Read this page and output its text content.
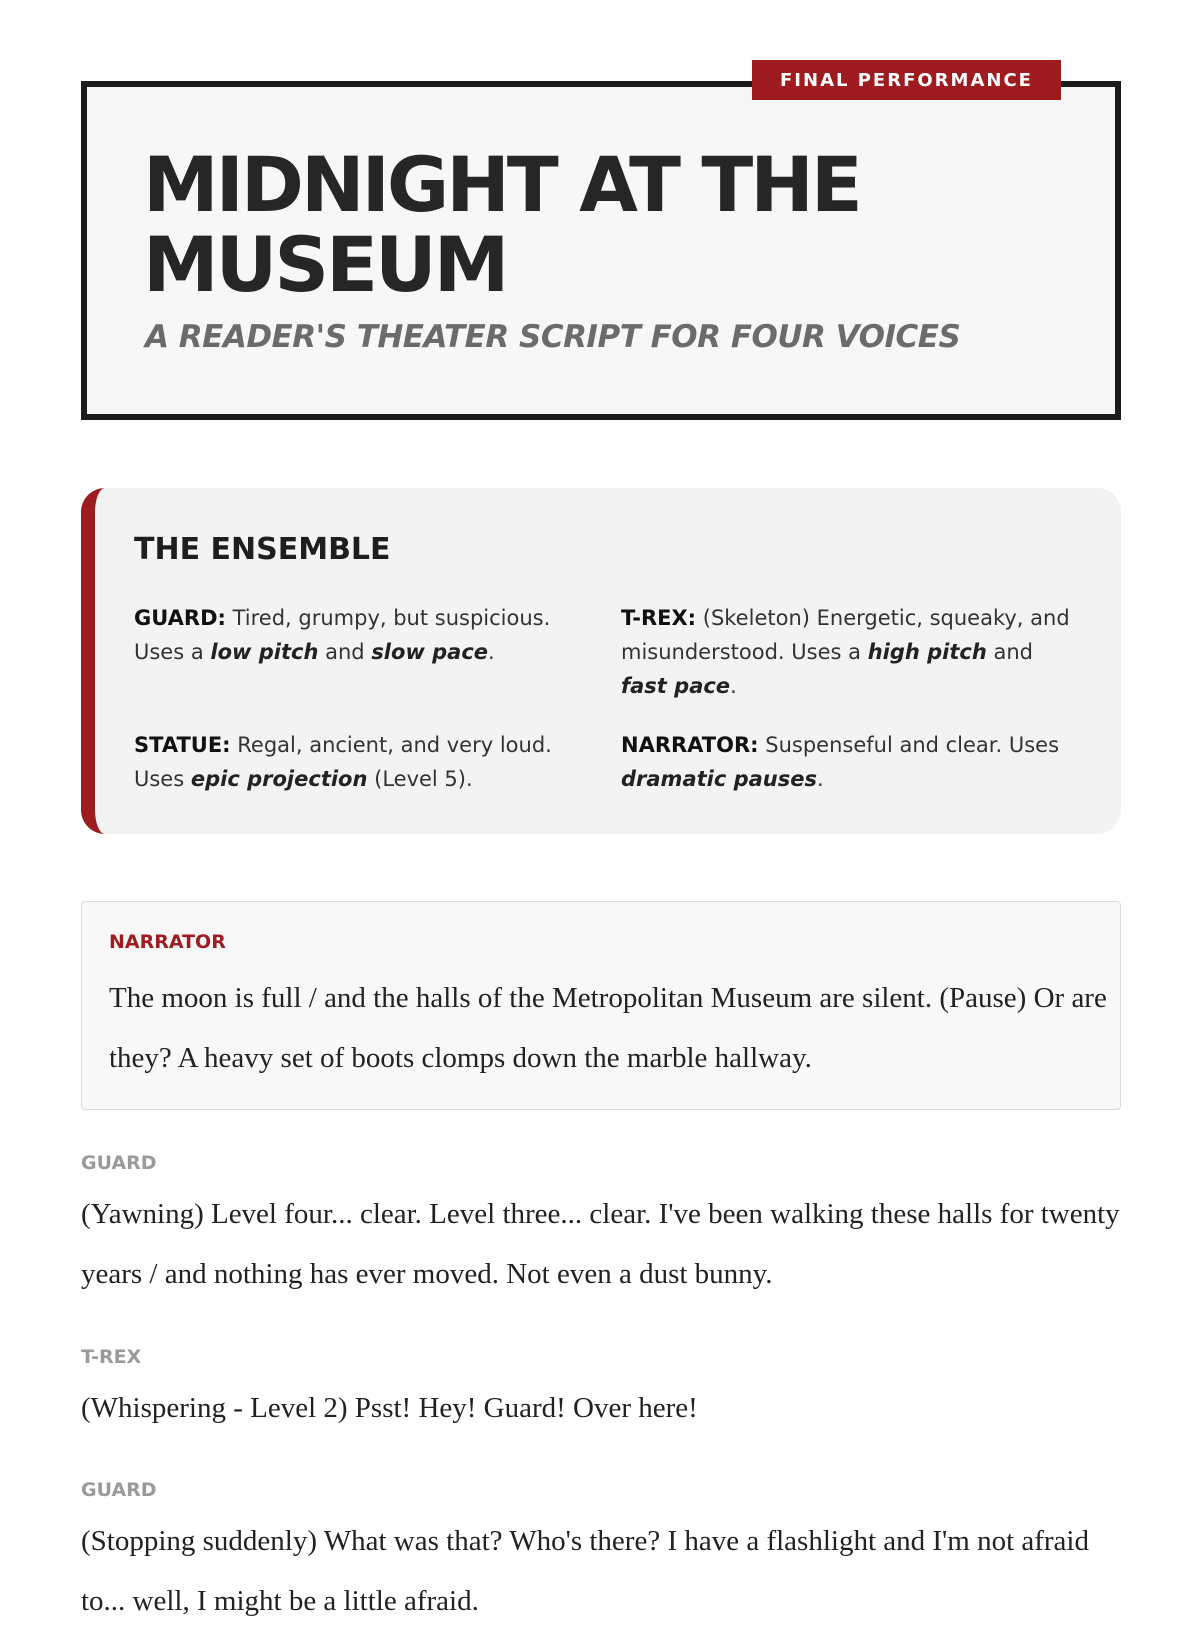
MIDNIGHT AT THE MUSEUM
A READER'S THEATER SCRIPT FOR FOUR VOICES
FINAL PERFORMANCE
THE ENSEMBLE
GUARD: Tired, grumpy, but suspicious. Uses a low pitch and slow pace.
T-REX: (Skeleton) Energetic, squeaky, and misunderstood. Uses a high pitch and fast pace.
STATUE: Regal, ancient, and very loud. Uses epic projection (Level 5).
NARRATOR: Suspenseful and clear. Uses dramatic pauses.
NARRATOR
The moon is full / and the halls of the Metropolitan Museum are silent. (Pause) Or are they? A heavy set of boots clomps down the marble hallway.
GUARD
(Yawning) Level four... clear. Level three... clear. I've been walking these halls for twenty years / and nothing has ever moved. Not even a dust bunny.
T-REX
(Whispering - Level 2) Psst! Hey! Guard! Over here!
GUARD
(Stopping suddenly) What was that? Who's there? I have a flashlight and I'm not afraid to... well, I might be a little afraid.
